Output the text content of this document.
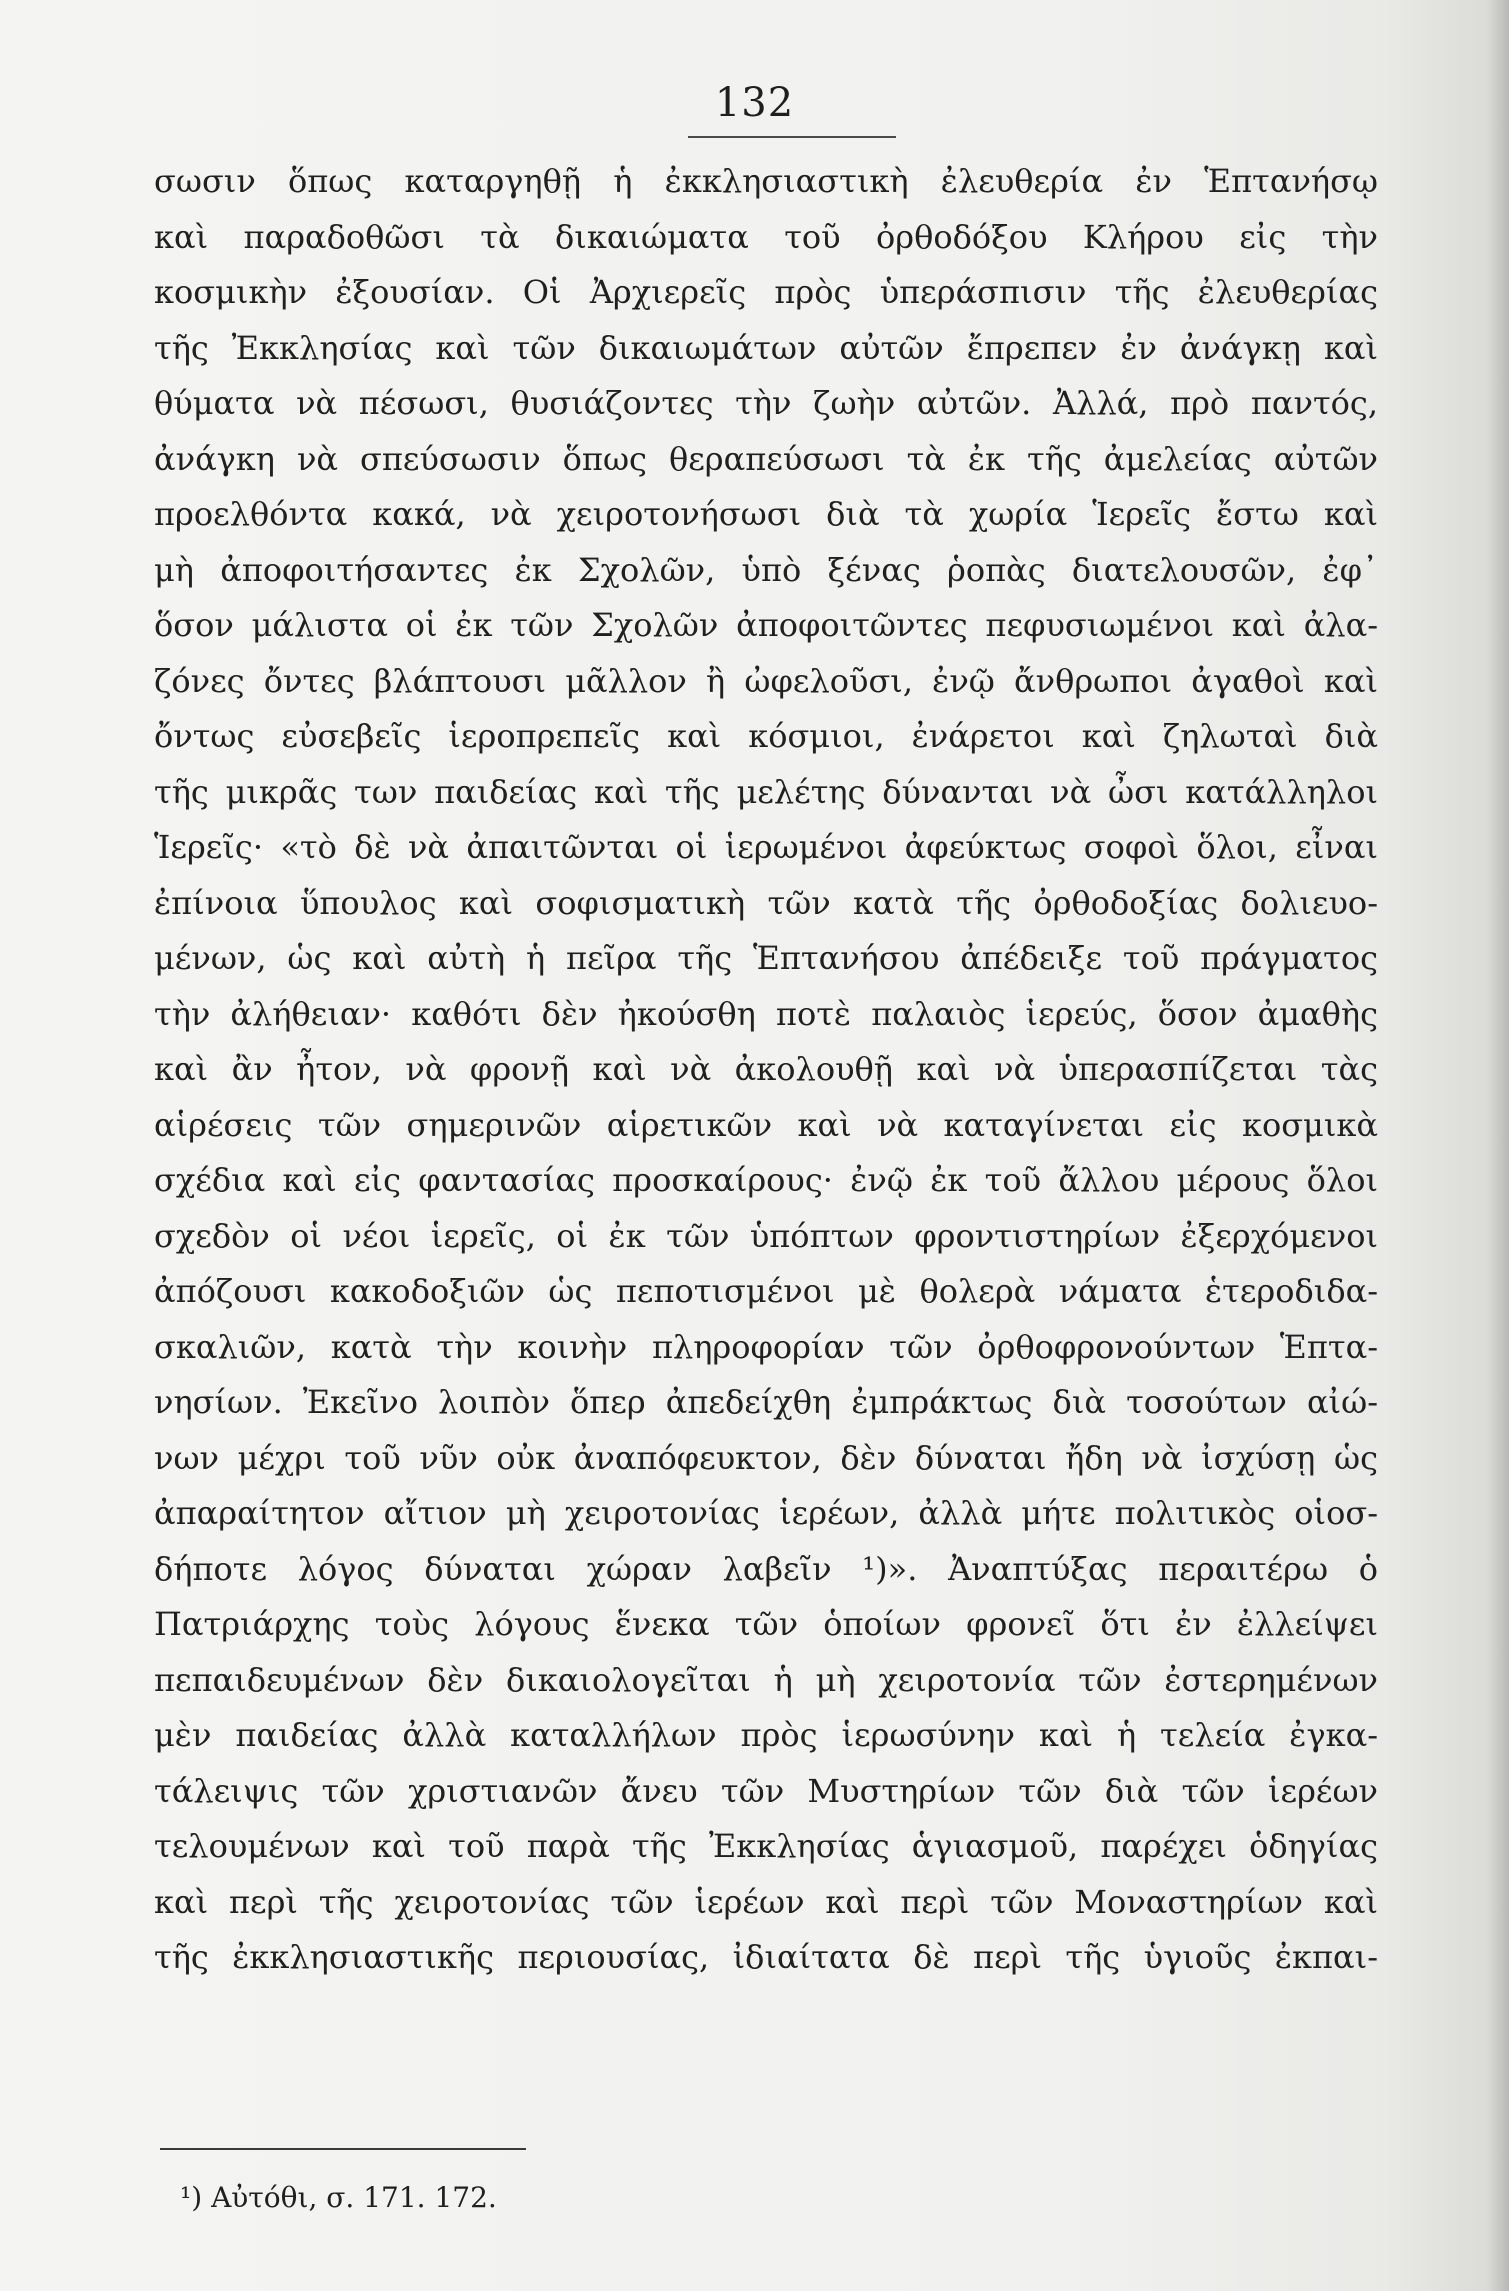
132
σωσιν ὅπως καταργηθῇ ἡ ἐκκλησιαστικὴ ἐλευθερία ἐν Ἑπτανήσῳ
καὶ παραδοθῶσι τὰ δικαιώματα τοῦ ὀρθοδόξου Κλήρου εἰς τὴν
κοσμικὴν ἐξουσίαν. Οἱ Ἀρχιερεῖς πρὸς ὑπεράσπισιν τῆς ἐλευθερίας
τῆς Ἐκκλησίας καὶ τῶν δικαιωμάτων αὐτῶν ἔπρεπεν ἐν ἀνάγκῃ καὶ
θύματα νὰ πέσωσι, θυσιάζοντες τὴν ζωὴν αὐτῶν. Ἀλλά, πρὸ παντός,
ἀνάγκη νὰ σπεύσωσιν ὅπως θεραπεύσωσι τὰ ἐκ τῆς ἀμελείας αὐτῶν
προελθόντα κακά, νὰ χειροτονήσωσι διὰ τὰ χωρία Ἱερεῖς ἔστω καὶ
μὴ ἀποφοιτήσαντες ἐκ Σχολῶν, ὑπὸ ξένας ῥοπὰς διατελουσῶν, ἐφ᾽
ὅσον μάλιστα οἱ ἐκ τῶν Σχολῶν ἀποφοιτῶντες πεφυσιωμένοι καὶ ἀλα-
ζόνες ὄντες βλάπτουσι μᾶλλον ἢ ὠφελοῦσι, ἐνῷ ἄνθρωποι ἀγαθοὶ καὶ
ὄντως εὐσεβεῖς ἱεροπρεπεῖς καὶ κόσμιοι, ἐνάρετοι καὶ ζηλωταὶ διὰ
τῆς μικρᾶς των παιδείας καὶ τῆς μελέτης δύνανται νὰ ὦσι κατάλληλοι
Ἱερεῖς· «τὸ δὲ νὰ ἀπαιτῶνται οἱ ἱερωμένοι ἀφεύκτως σοφοὶ ὅλοι, εἶναι
ἐπίνοια ὕπουλος καὶ σοφισματικὴ τῶν κατὰ τῆς ὀρθοδοξίας δολιευο-
μένων, ὡς καὶ αὐτὴ ἡ πεῖρα τῆς Ἑπτανήσου ἀπέδειξε τοῦ πράγματος
τὴν ἀλήθειαν· καθότι δὲν ἠκούσθη ποτὲ παλαιὸς ἱερεύς, ὅσον ἀμαθὴς
καὶ ἂν ἦτον, νὰ φρονῇ καὶ νὰ ἀκολουθῇ καὶ νὰ ὑπερασπίζεται τὰς
αἱρέσεις τῶν σημερινῶν αἱρετικῶν καὶ νὰ καταγίνεται εἰς κοσμικὰ
σχέδια καὶ εἰς φαντασίας προσκαίρους· ἐνῷ ἐκ τοῦ ἄλλου μέρους ὅλοι
σχεδὸν οἱ νέοι ἱερεῖς, οἱ ἐκ τῶν ὑπόπτων φροντιστηρίων ἐξερχόμενοι
ἀπόζουσι κακοδοξιῶν ὡς πεποτισμένοι μὲ θολερὰ νάματα ἑτεροδιδα-
σκαλιῶν, κατὰ τὴν κοινὴν πληροφορίαν τῶν ὀρθοφρονούντων Ἑπτα-
νησίων. Ἐκεῖνο λοιπὸν ὅπερ ἀπεδείχθη ἐμπράκτως διὰ τοσούτων αἰώ-
νων μέχρι τοῦ νῦν οὐκ ἀναπόφευκτον, δὲν δύναται ἤδη νὰ ἰσχύσῃ ὡς
ἀπαραίτητον αἴτιον μὴ χειροτονίας ἱερέων, ἀλλὰ μήτε πολιτικὸς οἱοσ-
δήποτε λόγος δύναται χώραν λαβεῖν ¹)». Ἀναπτύξας περαιτέρω ὁ
Πατριάρχης τοὺς λόγους ἕνεκα τῶν ὁποίων φρονεῖ ὅτι ἐν ἐλλείψει
πεπαιδευμένων δὲν δικαιολογεῖται ἡ μὴ χειροτονία τῶν ἐστερημένων
μὲν παιδείας ἀλλὰ καταλλήλων πρὸς ἱερωσύνην καὶ ἡ τελεία ἐγκα-
τάλειψις τῶν χριστιανῶν ἄνευ τῶν Μυστηρίων τῶν διὰ τῶν ἱερέων
τελουμένων καὶ τοῦ παρὰ τῆς Ἐκκλησίας ἁγιασμοῦ, παρέχει ὁδηγίας
καὶ περὶ τῆς χειροτονίας τῶν ἱερέων καὶ περὶ τῶν Μοναστηρίων καὶ
τῆς ἐκκλησιαστικῆς περιουσίας, ἰδιαίτατα δὲ περὶ τῆς ὑγιοῦς ἐκπαι-
¹) Αὐτόθι, σ. 171. 172.
